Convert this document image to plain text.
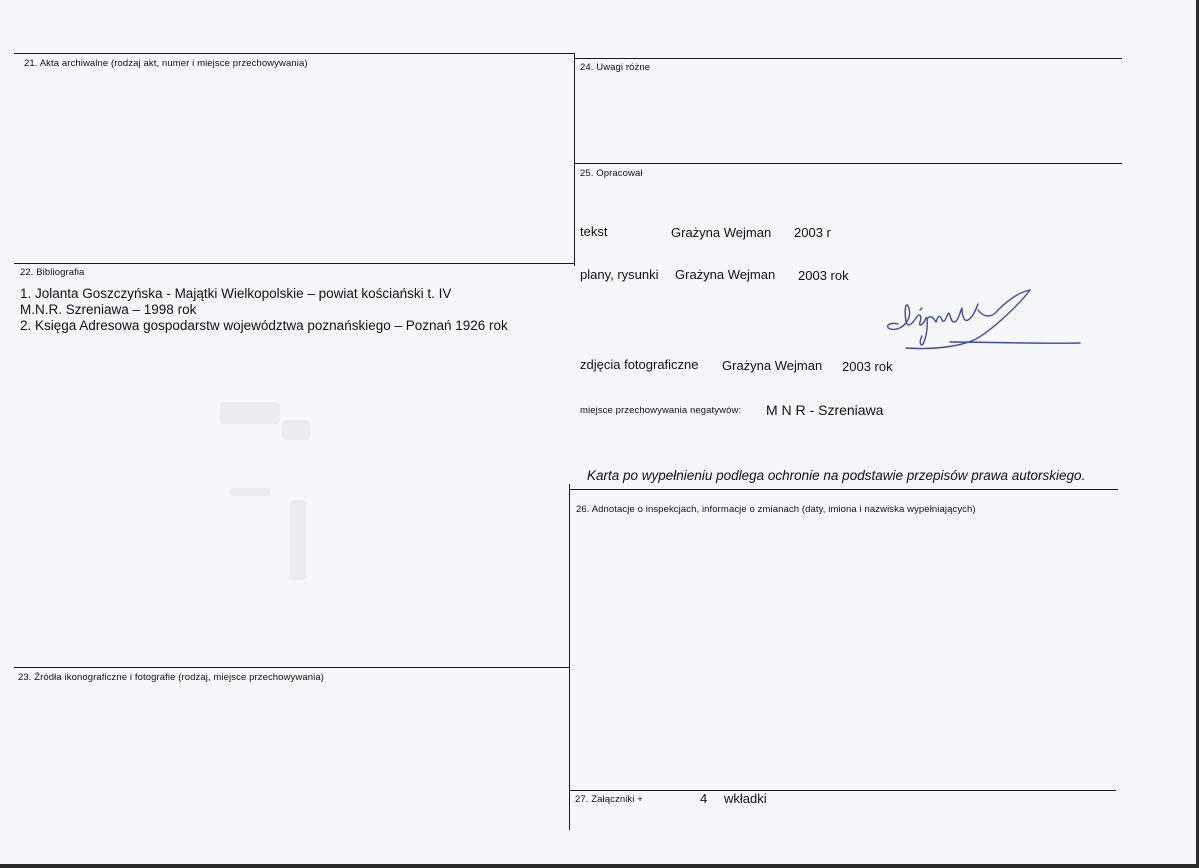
21. Akta archiwalne (rodzaj akt, numer i miejsce przechowywania)
22. Bibliografia
1. Jolanta Goszczyńska - Majątki Wielkopolskie – powiat kościański t. IV
M.N.R. Szreniawa – 1998 rok
2. Księga Adresowa gospodarstw województwa poznańskiego – Poznań 1926 rok
23. Źródła ikonograficzne i fotografie (rodzaj, miejsce przechowywania)
24. Uwagi różne
25. Opracował
tekst	Grażyna Wejman 2003 r
plany, rysunki Grażyna Wejman 2003 rok
zdjęcia fotograficzne Grażyna Wejman 2003 rok
miejsce przechowywania negatywów: M N R - Szreniawa
Karta po wypełnieniu podlega ochronie na podstawie przepisów prawa autorskiego.
26. Adnotacje o inspekcjach, informacje o zmianach (daty, imiona i nazwiska wypełniających)
27. Załączniki +	4 wkładki
